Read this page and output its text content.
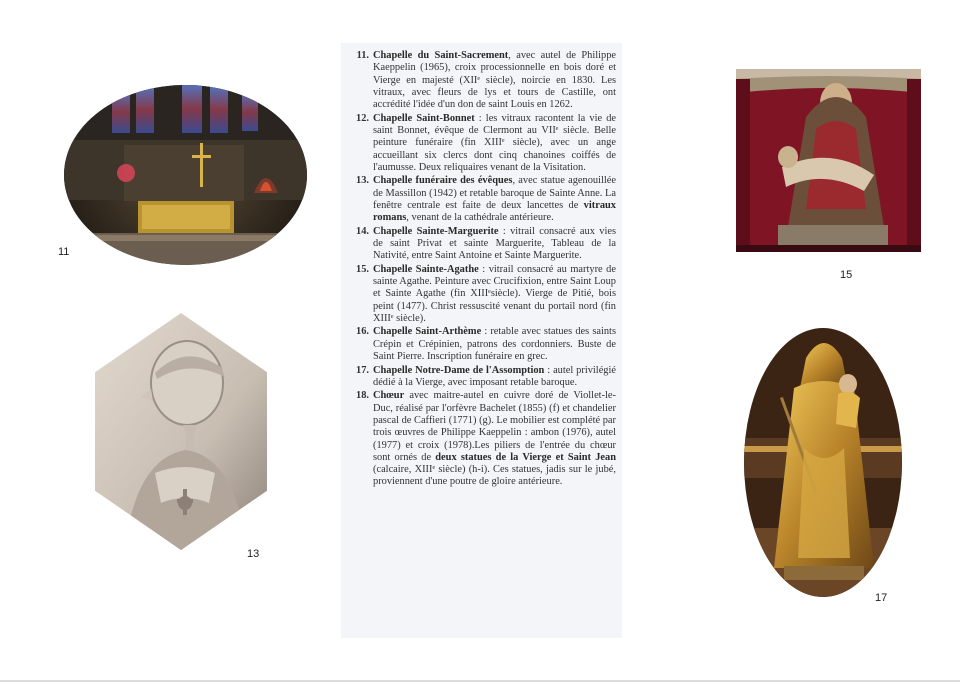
11
13
11. Chapelle du Saint-Sacrement, avec autel de Philippe Kaeppelin (1965), croix processionnelle en bois doré et Vierge en majesté (XIIᵉ siècle), noircie en 1830. Les vitraux, avec fleurs de lys et tours de Castille, ont accrédité l'idée d'un don de saint Louis en 1262.
12. Chapelle Saint-Bonnet : les vitraux racontent la vie de saint Bonnet, évêque de Clermont au VIIᵉ siècle. Belle peinture funéraire (fin XIIIᵉ siècle), avec un ange accueillant six clercs dont cinq chanoines coiffés de l'aumusse. Deux reliquaires venant de la Visitation.
13. Chapelle funéraire des évêques, avec statue agenouillée de Massillon (1942) et retable baroque de Sainte Anne. La fenêtre centrale est faite de deux lancettes de vitraux romans, venant de la cathédrale antérieure.
14. Chapelle Sainte-Marguerite : vitrail consacré aux vies de saint Privat et sainte Marguerite, Tableau de la Nativité, entre Saint Antoine et Sainte Marguerite.
15. Chapelle Sainte-Agathe : vitrail consacré au martyre de sainte Agathe. Peinture avec Crucifixion, entre Saint Loup et Sainte Agathe (fin XIIIᵉsiècle). Vierge de Pitié, bois peint (1477). Christ ressuscité venant du portail nord (fin XIIIᵉ siècle).
16. Chapelle Saint-Arthème : retable avec statues des saints Crépin et Crépinien, patrons des cordonniers. Buste de Saint Pierre. Inscription funéraire en grec.
17. Chapelle Notre-Dame de l'Assomption : autel privilégié dédié à la Vierge, avec imposant retable baroque.
18. Chœur avec maitre-autel en cuivre doré de Viollet-le-Duc, réalisé par l'orfèvre Bachelet (1855) (f) et chandelier pascal de Caffieri (1771) (g). Le mobilier est complété par trois œuvres de Philippe Kaeppelin : ambon (1976), autel (1977) et croix (1978).Les piliers de l'entrée du chœur sont ornés de deux statues de la Vierge et Saint Jean (calcaire, XIIIᵉ siècle) (h-i). Ces statues, jadis sur le jubé, proviennent d'une poutre de gloire antérieure.
15
17
